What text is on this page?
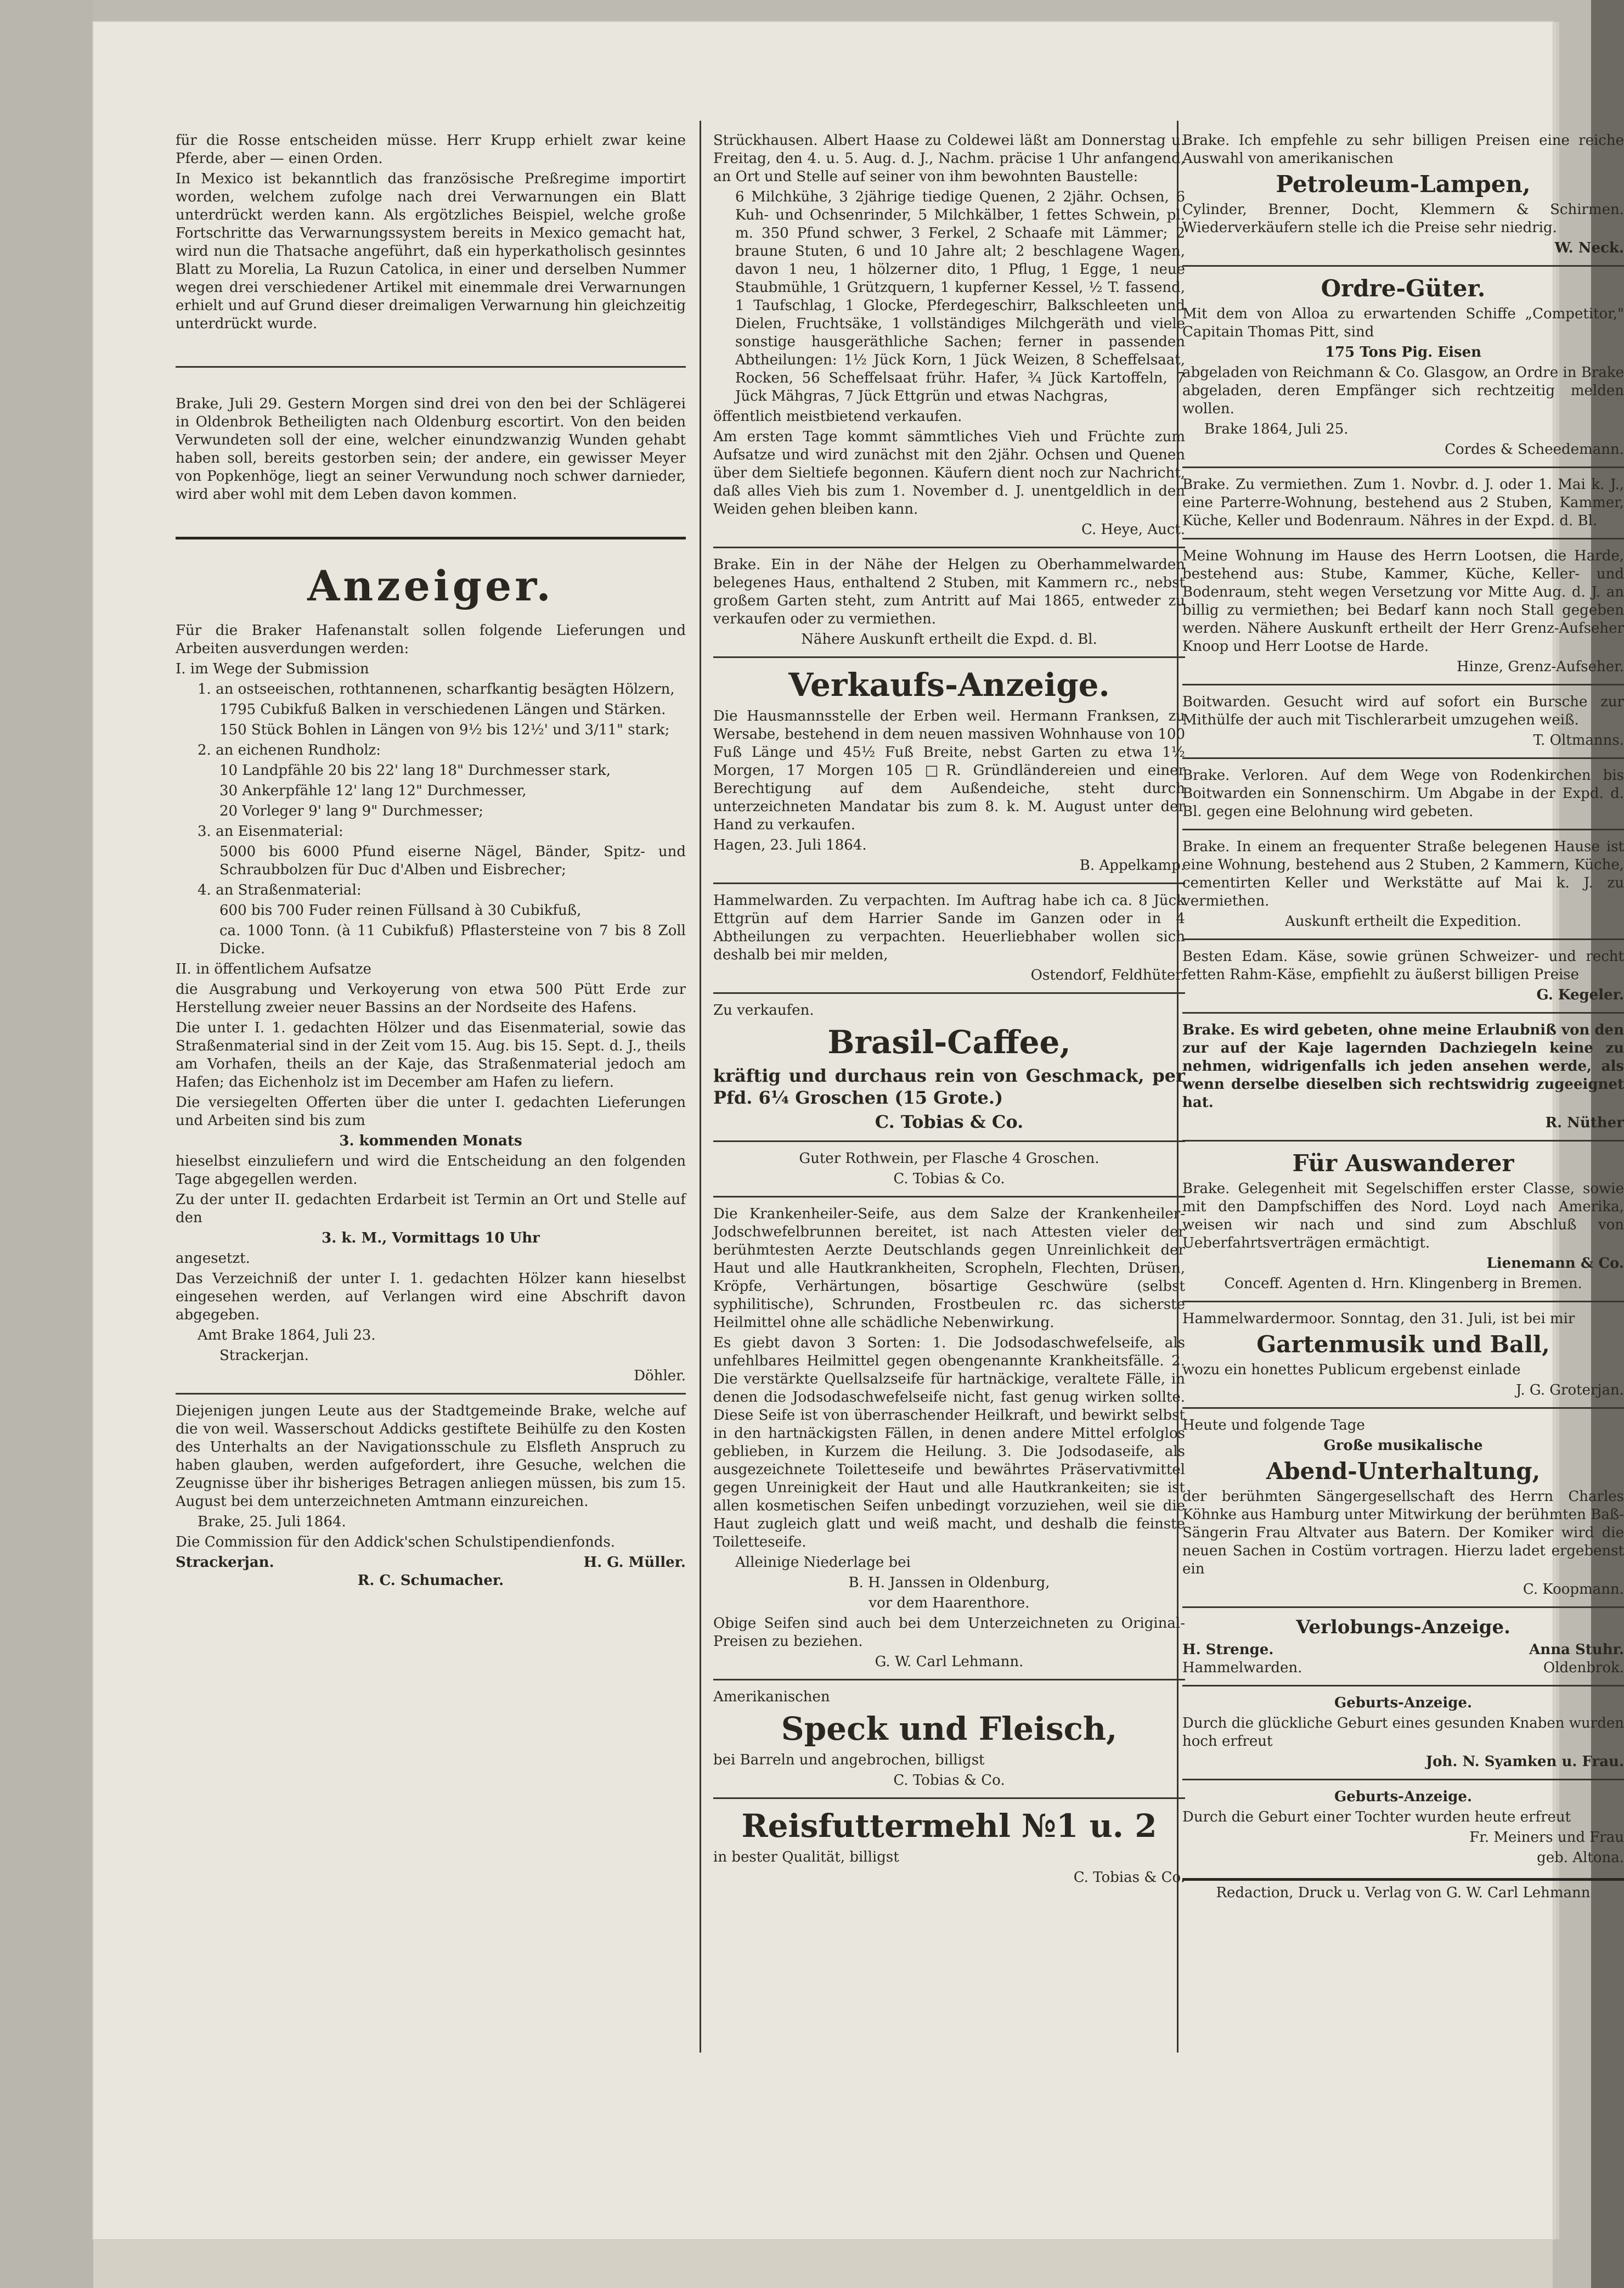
für die Rosse entscheiden müsse. Herr Krupp erhielt zwar keine Pferde, aber — einen Orden.

In Mexico ist bekanntlich das französische Preßregime importirt worden, welchem zufolge nach drei Verwarnungen ein Blatt unterdrückt werden kann. Als ergötzliches Beispiel, welche große Fortschritte das Verwarnungssystem bereits in Mexico gemacht hat, wird nun die Thatsache angeführt, daß ein hyperkatholisch gesinntes Blatt zu Morelia, La Ruzun Catolica, in einer und derselben Nummer wegen drei verschiedener Artikel mit einemmale drei Verwarnungen erhielt und auf Grund dieser dreimaligen Verwarnung hin gleichzeitig unterdrückt wurde.

Brake, Juli 29. Gestern Morgen sind drei von den bei der Schlägerei in Oldenbrok Betheiligten nach Oldenburg escortirt. Von den beiden Verwundeten soll der eine, welcher einundzwanzig Wunden gehabt haben soll, bereits gestorben sein; der andere, ein gewisser Meyer von Popkenhöge, liegt an seiner Verwundung noch schwer darnieder, wird aber wohl mit dem Leben davon kommen.

Anzeiger.

Für die Braker Hafenanstalt sollen folgende Lieferungen und Arbeiten ausverdungen werden:

I. im Wege der Submission

1. an ostseeischen, rothtannenen, scharfkantig besägten Hölzern,

1795 Cubikfuß Balken in verschiedenen Längen und Stärken.

150 Stück Bohlen in Längen von 9½ bis 12½' und 3/11" stark;

2. an eichenen Rundholz:

10 Landpfähle 20 bis 22' lang 18" Durchmesser stark,

30 Ankerpfähle 12' lang 12" Durchmesser,

20 Vorleger 9' lang 9" Durchmesser;

3. an Eisenmaterial:

5000 bis 6000 Pfund eiserne Nägel, Bänder, Spitz- und Schraubbolzen für Duc d'Alben und Eisbrecher;

4. an Straßenmaterial:

600 bis 700 Fuder reinen Füllsand à 30 Cubikfuß,

ca. 1000 Tonn. (à 11 Cubikfuß) Pflastersteine von 7 bis 8 Zoll Dicke.

II. in öffentlichem Aufsatze

die Ausgrabung und Verkoyerung von etwa 500 Pütt Erde zur Herstellung zweier neuer Bassins an der Nordseite des Hafens.

Die unter I. 1. gedachten Hölzer und das Eisenmaterial, sowie das Straßenmaterial sind in der Zeit vom 15. Aug. bis 15. Sept. d. J., theils am Vorhafen, theils an der Kaje, das Straßenmaterial jedoch am Hafen; das Eichenholz ist im December am Hafen zu liefern.

Die versiegelten Offerten über die unter I. gedachten Lieferungen und Arbeiten sind bis zum

3. kommenden Monats

hieselbst einzuliefern und wird die Entscheidung an den folgenden Tage abgegellen werden.

Zu der unter II. gedachten Erdarbeit ist Termin an Ort und Stelle auf den

3. k. M., Vormittags 10 Uhr

angesetzt.

Das Verzeichniß der unter I. 1. gedachten Hölzer kann hieselbst eingesehen werden, auf Verlangen wird eine Abschrift davon abgegeben.

Amt Brake 1864, Juli 23.

Strackerjan.

Döhler.

Diejenigen jungen Leute aus der Stadtgemeinde Brake, welche auf die von weil. Wasserschout Addicks gestiftete Beihülfe zu den Kosten des Unterhalts an der Navigationsschule zu Elsfleth Anspruch zu haben glauben, werden aufgefordert, ihre Gesuche, welchen die Zeugnisse über ihr bisheriges Betragen anliegen müssen, bis zum 15. August bei dem unterzeichneten Amtmann einzureichen.

Brake, 25. Juli 1864.

Die Commission für den Addick'schen Schulstipendienfonds.

Strackerjan.	H. G. Müller.

R. C. Schumacher.

Strückhausen. Albert Haase zu Coldewei läßt am Donnerstag u. Freitag, den 4. u. 5. Aug. d. J., Nachm. präcise 1 Uhr anfangend, an Ort und Stelle auf seiner von ihm bewohnten Baustelle:

6 Milchkühe, 3 2jährige tiedige Quenen, 2 2jähr. Ochsen, 6 Kuh- und Ochsenrinder, 5 Milchkälber, 1 fettes Schwein, pl. m. 350 Pfund schwer, 3 Ferkel, 2 Schaafe mit Lämmer; 2 braune Stuten, 6 und 10 Jahre alt; 2 beschlagene Wagen, davon 1 neu, 1 hölzerner dito, 1 Pflug, 1 Egge, 1 neue Staubmühle, 1 Grützquern, 1 kupferner Kessel, ½ T. fassend, 1 Taufschlag, 1 Glocke, Pferdegeschirr, Balkschleeten und Dielen, Fruchtsäke, 1 vollständiges Milchgeräth und viele sonstige hausgeräthliche Sachen; ferner in passenden Abtheilungen: 1½ Jück Korn, 1 Jück Weizen, 8 Scheffelsaat, Rocken, 56 Scheffelsaat frühr. Hafer, ¾ Jück Kartoffeln, 7 Jück Mähgras, 7 Jück Ettgrün und etwas Nachgras,

öffentlich meistbietend verkaufen.

Am ersten Tage kommt sämmtliches Vieh und Früchte zum Aufsatze und wird zunächst mit den 2jähr. Ochsen und Quenen über dem Sieltiefe begonnen. Käufern dient noch zur Nachricht, daß alles Vieh bis zum 1. November d. J. unentgeldlich in den Weiden gehen bleiben kann.

C. Heye, Auct.

Brake. Ein in der Nähe der Helgen zu Oberhammelwarden belegenes Haus, enthaltend 2 Stuben, mit Kammern rc., nebst großem Garten steht, zum Antritt auf Mai 1865, entweder zu verkaufen oder zu vermiethen.

Nähere Auskunft ertheilt die Expd. d. Bl.

Verkaufs-Anzeige.

Die Hausmannsstelle der Erben weil. Hermann Franksen, zu Wersabe, bestehend in dem neuen massiven Wohnhause von 100 Fuß Länge und 45½ Fuß Breite, nebst Garten zu etwa 1½ Morgen, 17 Morgen 105 □R. Gründländereien und einer Berechtigung auf dem Außendeiche, steht durch unterzeichneten Mandatar bis zum 8. k. M. August unter der Hand zu verkaufen.

Hagen, 23. Juli 1864.

B. Appelkamp.

Hammelwarden. Zu verpachten. Im Auftrag habe ich ca. 8 Jück Ettgrün auf dem Harrier Sande im Ganzen oder in 4 Abtheilungen zu verpachten. Heuerliebhaber wollen sich deshalb bei mir melden,

Ostendorf, Feldhüter.

Zu verkaufen.

Brasil-Caffee,

kräftig und durchaus rein von Geschmack, per Pfd. 6¼ Groschen (15 Grote.)

C. Tobias & Co.

Guter Rothwein, per Flasche 4 Groschen.

C. Tobias & Co.

Die Krankenheiler-Seife, aus dem Salze der Krankenheiler-Jodschwefelbrunnen bereitet, ist nach Attesten vieler der berühmtesten Aerzte Deutschlands gegen Unreinlichkeit der Haut und alle Hautkrankheiten, Scropheln, Flechten, Drüsen, Kröpfe, Verhärtungen, bösartige Geschwüre (selbst syphilitische), Schrunden, Frostbeulen rc. das sicherste Heilmittel ohne alle schädliche Nebenwirkung.

Es giebt davon 3 Sorten: 1. Die Jodsodaschwefelseife, als unfehlbares Heilmittel gegen obengenannte Krankheitsfälle. 2. Die verstärkte Quellsalzseife für hartnäckige, veraltete Fälle, in denen die Jodsodaschwefelseife nicht, fast genug wirken sollte. Diese Seife ist von überraschender Heilkraft, und bewirkt selbst in den hartnäckigsten Fällen, in denen andere Mittel erfolglos geblieben, in Kurzem die Heilung. 3. Die Jodsodaseife, als ausgezeichnete Toiletteseife und bewährtes Präservativmittel gegen Unreinigkeit der Haut und alle Hautkrankeiten; sie ist allen kosmetischen Seifen unbedingt vorzuziehen, weil sie die Haut zugleich glatt und weiß macht, und deshalb die feinste Toiletteseife.

Alleinige Niederlage bei

B. H. Janssen in Oldenburg,

vor dem Haarenthore.

Obige Seifen sind auch bei dem Unterzeichneten zu Original-Preisen zu beziehen.

G. W. Carl Lehmann.

Amerikanischen

Speck und Fleisch,

bei Barreln und angebrochen, billigst

C. Tobias & Co.

Reisfuttermehl №1 u. 2

in bester Qualität, billigst

C. Tobias & Co.

Brake. Ich empfehle zu sehr billigen Preisen eine reiche Auswahl von amerikanischen

Petroleum-Lampen,

Cylinder, Brenner, Docht, Klemmern & Schirmen. Wiederverkäufern stelle ich die Preise sehr niedrig.

W. Neck.

Ordre-Güter.

Mit dem von Alloa zu erwartenden Schiffe „Competitor," Capitain Thomas Pitt, sind

175 Tons Pig. Eisen

abgeladen von Reichmann & Co. Glasgow, an Ordre in Brake abgeladen, deren Empfänger sich rechtzeitig melden wollen.

Brake 1864, Juli 25.

Cordes & Scheedemann.

Brake. Zu vermiethen. Zum 1. Novbr. d. J. oder 1. Mai k. J., eine Parterre-Wohnung, bestehend aus 2 Stuben, Kammer, Küche, Keller und Bodenraum. Nähres in der Expd. d. Bl.

Meine Wohnung im Hause des Herrn Lootsen, die Harde, bestehend aus: Stube, Kammer, Küche, Keller- und Bodenraum, steht wegen Versetzung vor Mitte Aug. d. J. an billig zu vermiethen; bei Bedarf kann noch Stall gegeben werden. Nähere Auskunft ertheilt der Herr Grenz-Aufseher Knoop und Herr Lootse de Harde.

Hinze, Grenz-Aufseher.

Boitwarden. Gesucht wird auf sofort ein Bursche zur Mithülfe der auch mit Tischlerarbeit umzugehen weiß.

T. Oltmanns.

Brake. Verloren. Auf dem Wege von Rodenkirchen bis Boitwarden ein Sonnenschirm. Um Abgabe in der Expd. d. Bl. gegen eine Belohnung wird gebeten.

Brake. In einem an frequenter Straße belegenen Hause ist eine Wohnung, bestehend aus 2 Stuben, 2 Kammern, Küche, cementirten Keller und Werkstätte auf Mai k. J. zu vermiethen.

Auskunft ertheilt die Expedition.

Besten Edam. Käse, sowie grünen Schweizer- und recht fetten Rahm-Käse, empfiehlt zu äußerst billigen Preise

G. Kegeler.

Brake. Es wird gebeten, ohne meine Erlaubniß von den zur auf der Kaje lagernden Dachziegeln keine zu nehmen, widrigenfalls ich jeden ansehen werde, als wenn derselbe dieselben sich rechtswidrig zugeeignet hat.

R. Nüther

Für Auswanderer

Brake. Gelegenheit mit Segelschiffen erster Classe, sowie mit den Dampfschiffen des Nord. Loyd nach Amerika, weisen wir nach und sind zum Abschluß von Ueberfahrtsverträgen ermächtigt.

Lienemann & Co.

Conceff. Agenten d. Hrn. Klingenberg in Bremen.

Hammelwardermoor. Sonntag, den 31. Juli, ist bei mir

Gartenmusik und Ball,

wozu ein honettes Publicum ergebenst einlade

J. G. Groterjan.

Heute und folgende Tage

Große musikalische

Abend-Unterhaltung,

der berühmten Sängergesellschaft des Herrn Charles Köhnke aus Hamburg unter Mitwirkung der berühmten Baß-Sängerin Frau Altvater aus Batern. Der Komiker wird die neuen Sachen in Costüm vortragen. Hierzu ladet ergebenst ein

C. Koopmann.

Verlobungs-Anzeige.
H. Strenge.	Anna Stuhr.
Hammelwarden.	Oldenbrok.

Geburts-Anzeige.

Durch die glückliche Geburt eines gesunden Knaben wurden hoch erfreut

Joh. N. Syamken u. Frau.

Geburts-Anzeige.

Durch die Geburt einer Tochter wurden heute erfreut

Fr. Meiners und Frau

geb. Altona.

Redaction, Druck u. Verlag von G. W. Carl Lehmann
